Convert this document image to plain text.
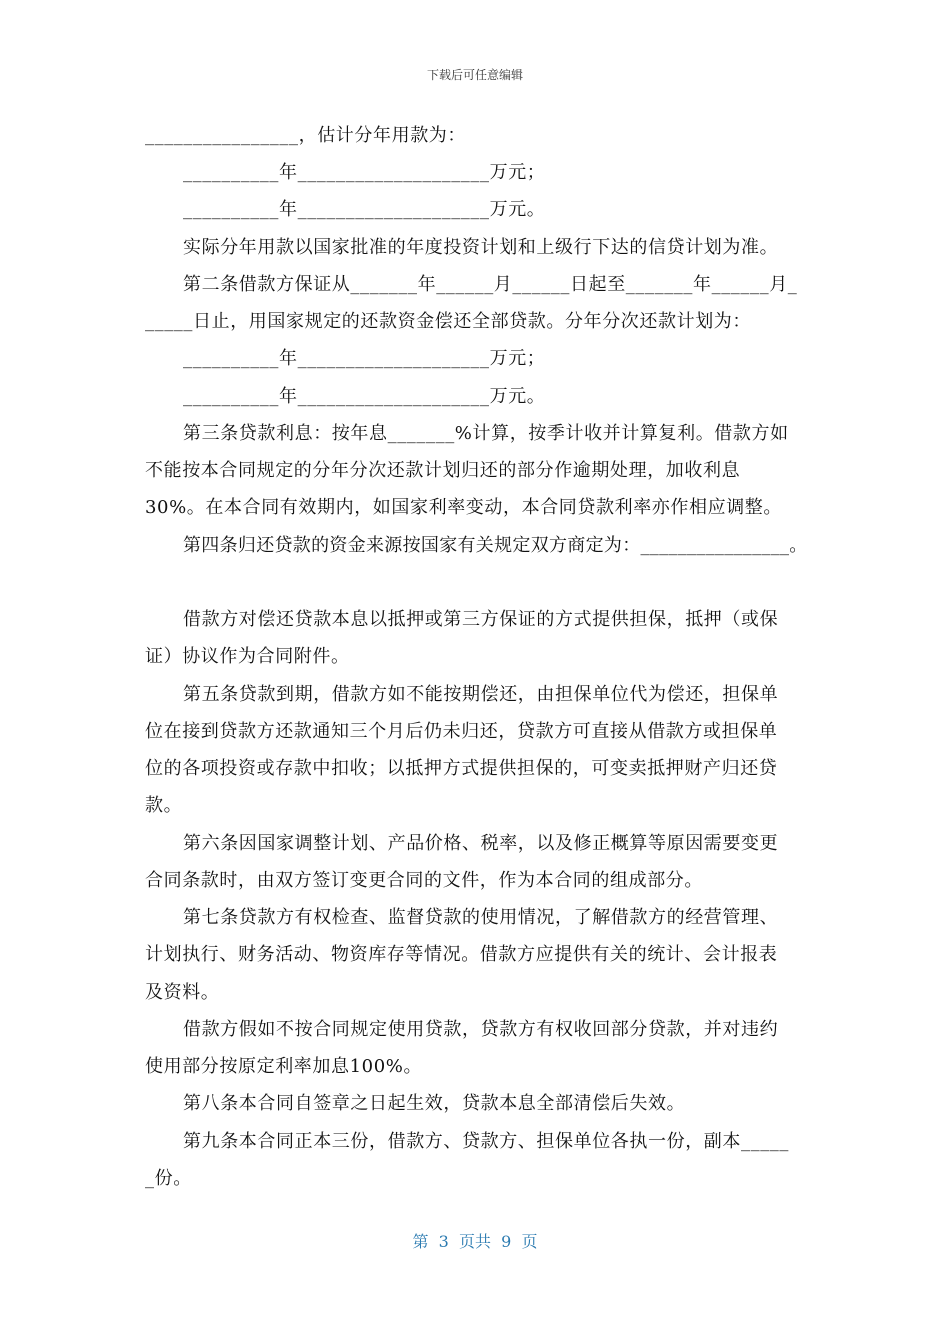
下载后可任意编辑
________________，估计分年用款为：
__________年____________________万元；
__________年____________________万元。
实际分年用款以国家批准的年度投资计划和上级行下达的信贷计划为准。
第二条借款方保证从_______年______月______日起至_______年______月_
_____日止，用国家规定的还款资金偿还全部贷款。分年分次还款计划为：
__________年____________________万元；
__________年____________________万元。
第三条贷款利息：按年息_______%计算，按季计收并计算复利。借款方如
不能按本合同规定的分年分次还款计划归还的部分作逾期处理，加收利息
30%。在本合同有效期内，如国家利率变动，本合同贷款利率亦作相应调整。
第四条归还贷款的资金来源按国家有关规定双方商定为：________________。
借款方对偿还贷款本息以抵押或第三方保证的方式提供担保，抵押（或保
证）协议作为合同附件。
第五条贷款到期，借款方如不能按期偿还，由担保单位代为偿还，担保单
位在接到贷款方还款通知三个月后仍未归还，贷款方可直接从借款方或担保单
位的各项投资或存款中扣收；以抵押方式提供担保的，可变卖抵押财产归还贷
款。
第六条因国家调整计划、产品价格、税率，以及修正概算等原因需要变更
合同条款时，由双方签订变更合同的文件，作为本合同的组成部分。
第七条贷款方有权检查、监督贷款的使用情况，了解借款方的经营管理、
计划执行、财务活动、物资库存等情况。借款方应提供有关的统计、会计报表
及资料。
借款方假如不按合同规定使用贷款，贷款方有权收回部分贷款，并对违约
使用部分按原定利率加息100%。
第八条本合同自签章之日起生效，贷款本息全部清偿后失效。
第九条本合同正本三份，借款方、贷款方、担保单位各执一份，副本_____
_份。
第  3  页共  9  页
